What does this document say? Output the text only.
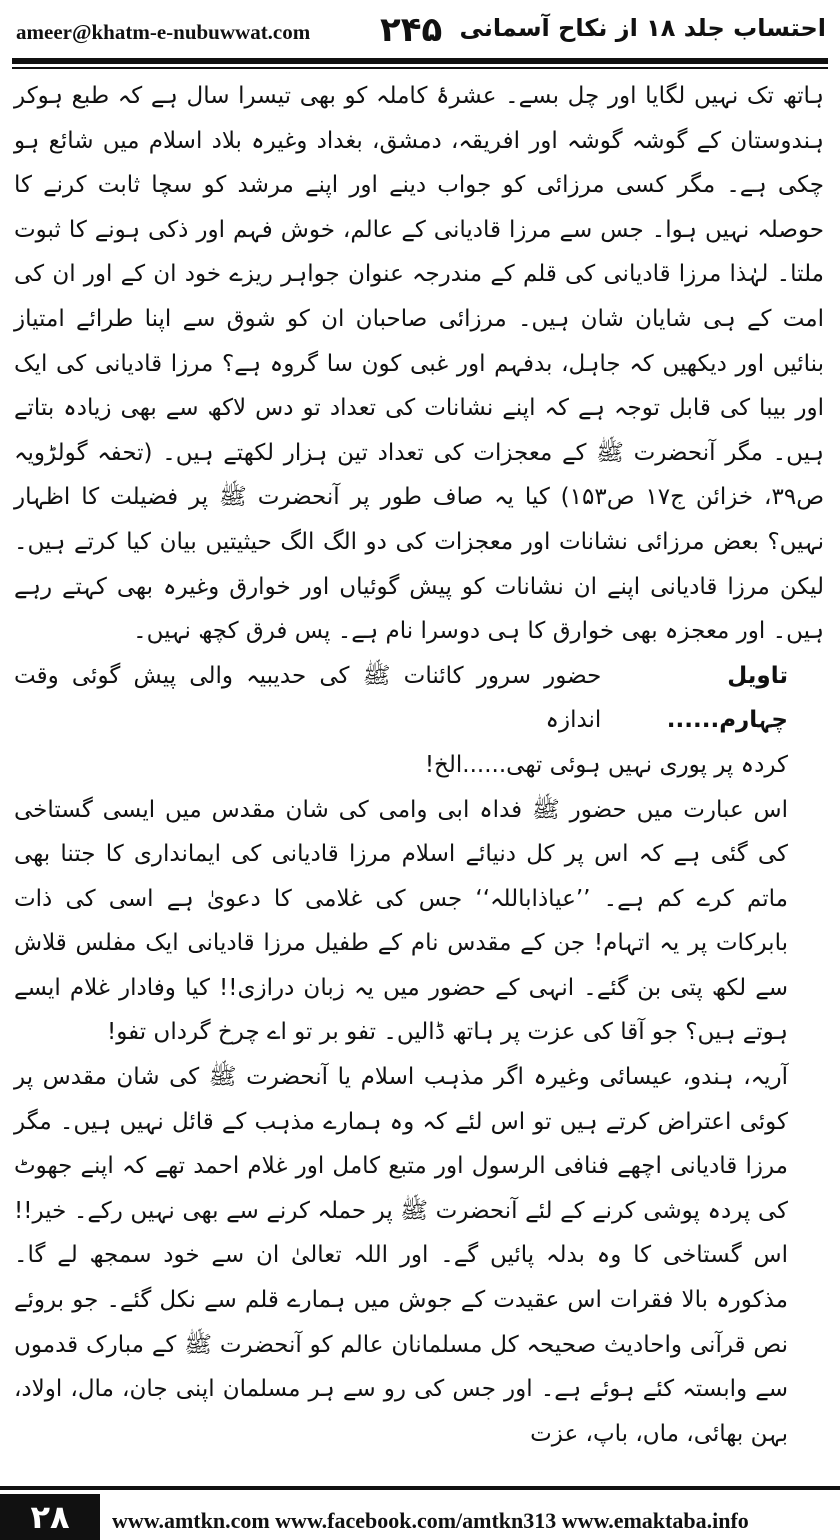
ameer@khatm-e-nubuwwat.com ۲۴۵ احتساب جلد ۱۸ از نکاح آسمانی

ہاتھ تک نہیں لگایا اور چل بسے۔ عشرۂ کاملہ کو بھی تیسرا سال ہے کہ طبع ہوکر ہندوستان کے گوشہ گوشہ اور افریقہ، دمشق، بغداد وغیرہ بلاد اسلام میں شائع ہو چکی ہے۔ مگر کسی مرزائی کو جواب دینے اور اپنے مرشد کو سچا ثابت کرنے کا حوصلہ نہیں ہوا۔ جس سے مرزا قادیانی کے عالم، خوش فہم اور ذکی ہونے کا ثبوت ملتا۔ لہٰذا مرزا قادیانی کی قلم کے مندرجہ عنوان جواہر ریزے خود ان کے اور ان کی امت کے ہی شایان شان ہیں۔ مرزائی صاحبان ان کو شوق سے اپنا طرائے امتیاز بنائیں اور دیکھیں کہ جاہل، بدفہم اور غبی کون سا گروہ ہے؟ مرزا قادیانی کی ایک اور بیبا کی قابل توجہ ہے کہ اپنے نشانات کی تعداد تو دس لاکھ سے بھی زیادہ بتاتے ہیں۔ مگر آنحضرت ﷺ کے معجزات کی تعداد تین ہزار لکھتے ہیں۔ (تحفہ گولڑویہ ص۳۹، خزائن ج۱۷ ص۱۵۳) کیا یہ صاف طور پر آنحضرت ﷺ پر فضیلت کا اظہار نہیں؟ بعض مرزائی نشانات اور معجزات کی دو الگ الگ حیثیتیں بیان کیا کرتے ہیں۔ لیکن مرزا قادیانی اپنے ان نشانات کو پیش گوئیاں اور خوارق وغیرہ بھی کہتے رہے ہیں۔ اور معجزہ بھی خوارق کا ہی دوسرا نام ہے۔ پس فرق کچھ نہیں۔

تاویل چہارم......
حضور سرور کائنات ﷺ کی حدیبیہ والی پیش گوئی وقت اندازہ

کردہ پر پوری نہیں ہوئی تھی......الخ!

اس عبارت میں حضور ﷺ فداہ ابی وامی کی شان مقدس میں ایسی گستاخی کی گئی ہے کہ اس پر کل دنیائے اسلام مرزا قادیانی کی ایمانداری کا جتنا بھی ماتم کرے کم ہے۔ ’’عیاذاباللہ‘‘ جس کی غلامی کا دعویٰ ہے اسی کی ذات بابرکات پر یہ اتہام! جن کے مقدس نام کے طفیل مرزا قادیانی ایک مفلس قلاش سے لکھ پتی بن گئے۔ انہی کے حضور میں یہ زبان درازی!! کیا وفادار غلام ایسے ہوتے ہیں؟ جو آقا کی عزت پر ہاتھ ڈالیں۔ تفو بر تو اے چرخ گرداں تفو!

آریہ، ہندو، عیسائی وغیرہ اگر مذہب اسلام یا آنحضرت ﷺ کی شان مقدس پر کوئی اعتراض کرتے ہیں تو اس لئے کہ وہ ہمارے مذہب کے قائل نہیں ہیں۔ مگر مرزا قادیانی اچھے فنافی الرسول اور متبع کامل اور غلام احمد تھے کہ اپنے جھوٹ کی پردہ پوشی کرنے کے لئے آنحضرت ﷺ پر حملہ کرنے سے بھی نہیں رکے۔ خیر!! اس گستاخی کا وہ بدلہ پائیں گے۔ اور اللہ تعالیٰ ان سے خود سمجھ لے گا۔ مذکورہ بالا فقرات اس عقیدت کے جوش میں ہمارے قلم سے نکل گئے۔ جو بروئے نص قرآنی واحادیث صحیحہ کل مسلمانان عالم کو آنحضرت ﷺ کے مبارک قدموں سے وابستہ کئے ہوئے ہے۔ اور جس کی رو سے ہر مسلمان اپنی جان، مال، اولاد، بہن بھائی، ماں، باپ، عزت

۲۸	www.amtkn.com www.facebook.com/amtkn313 www.emaktaba.info
